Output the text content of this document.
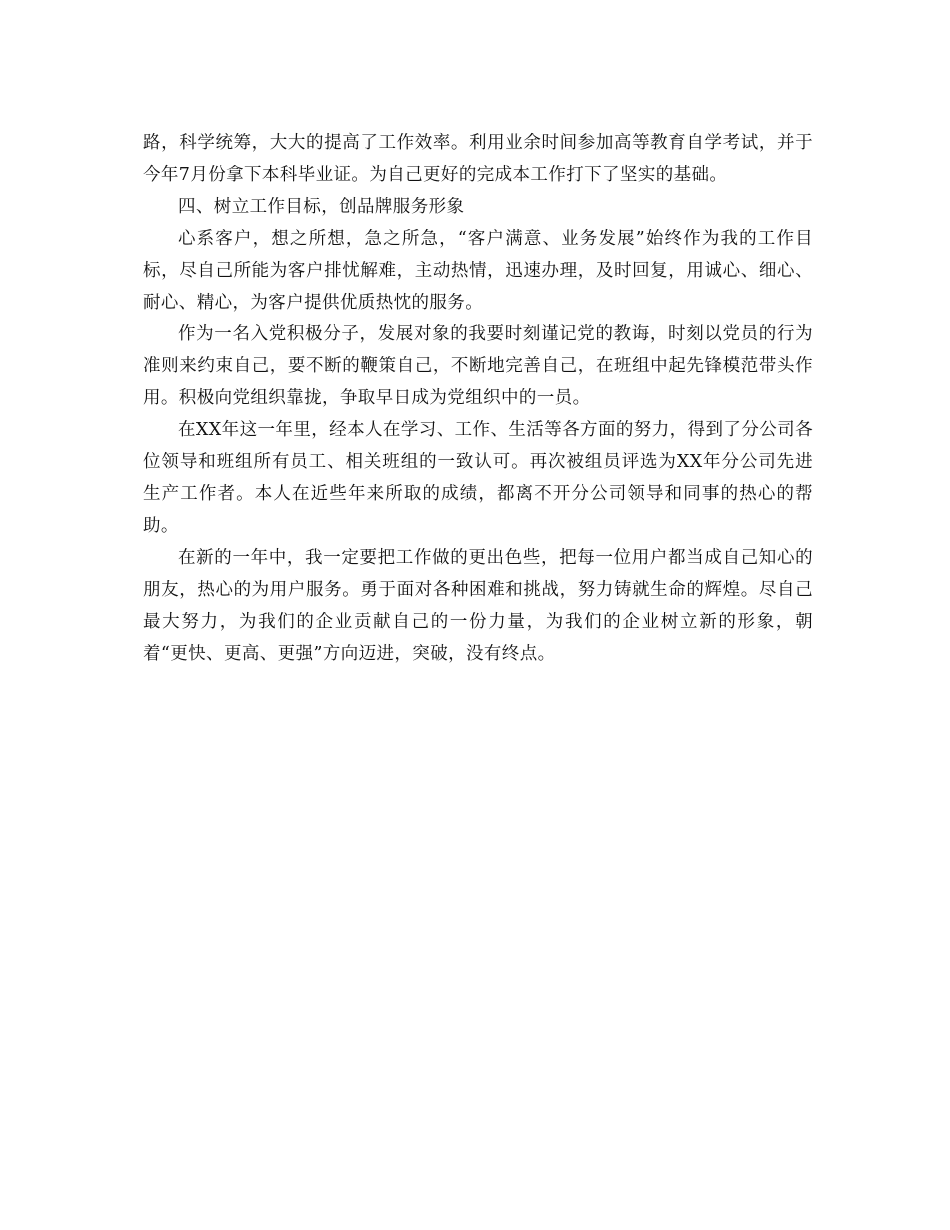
路，科学统筹，大大的提高了工作效率。利用业余时间参加高等教育自学考试，并于今年7月份拿下本科毕业证。为自己更好的完成本工作打下了坚实的基础。

四、树立工作目标，创品牌服务形象

心系客户，想之所想，急之所急，“客户满意、业务发展”始终作为我的工作目标，尽自己所能为客户排忧解难，主动热情，迅速办理，及时回复，用诚心、细心、耐心、精心，为客户提供优质热忱的服务。

作为一名入党积极分子，发展对象的我要时刻谨记党的教诲，时刻以党员的行为准则来约束自己，要不断的鞭策自己，不断地完善自己，在班组中起先锋模范带头作用。积极向党组织靠拢，争取早日成为党组织中的一员。

在XX年这一年里，经本人在学习、工作、生活等各方面的努力，得到了分公司各位领导和班组所有员工、相关班组的一致认可。再次被组员评选为XX年分公司先进生产工作者。本人在近些年来所取的成绩，都离不开分公司领导和同事的热心的帮助。

在新的一年中，我一定要把工作做的更出色些，把每一位用户都当成自己知心的朋友，热心的为用户服务。勇于面对各种困难和挑战，努力铸就生命的辉煌。尽自己最大努力，为我们的企业贡献自己的一份力量，为我们的企业树立新的形象，朝着“更快、更高、更强”方向迈进，突破，没有终点。
